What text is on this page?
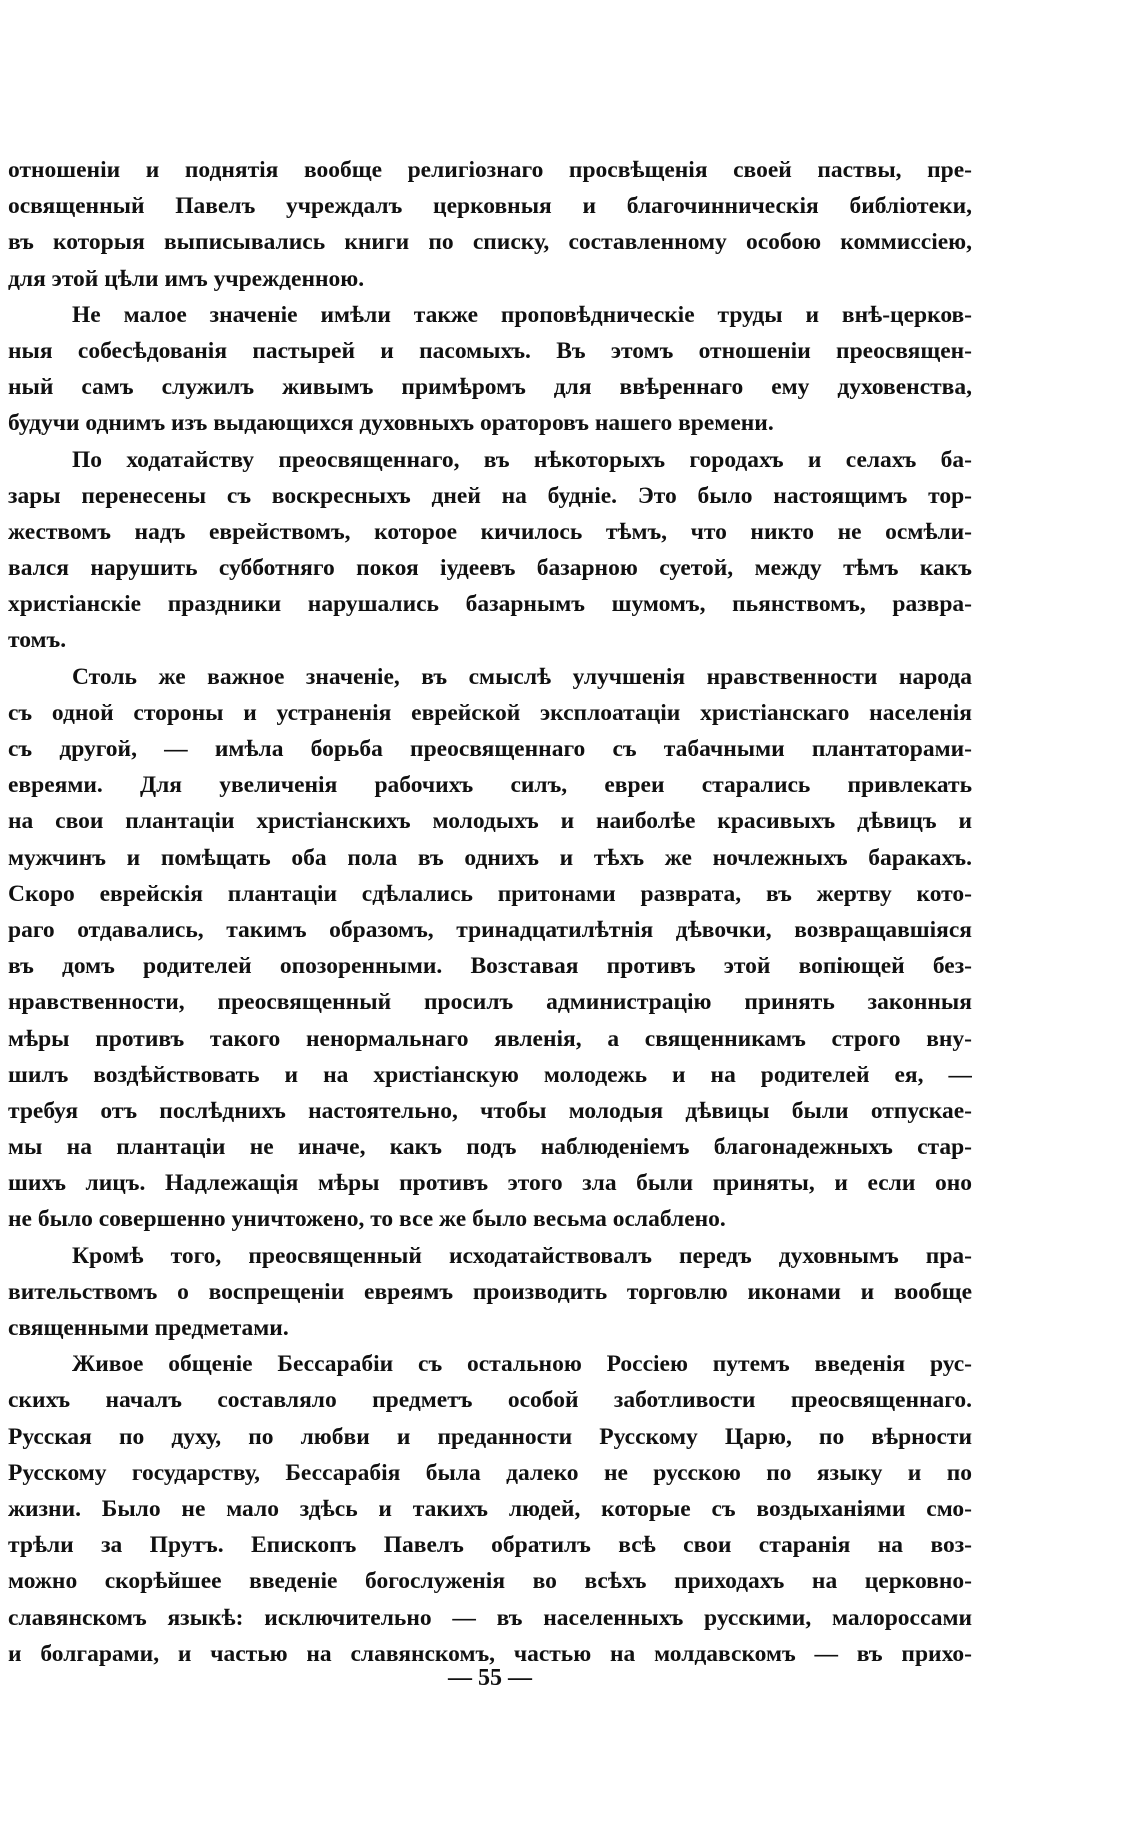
отношеніи и поднятія вообще религіознаго просвѣщенія своей паствы, пре-
освященный Павелъ учреждалъ церковныя и благочинническія библіотеки,
въ которыя выписывались книги по списку, составленному особою коммиссіею,
для этой цѣли имъ учрежденною.
Не малое значеніе имѣли также проповѣдническіе труды и внѣ-церков-
ныя собесѣдованія пастырей и пасомыхъ. Въ этомъ отношеніи преосвящен-
ный самъ служилъ живымъ примѣромъ для ввѣреннаго ему духовенства,
будучи однимъ изъ выдающихся духовныхъ ораторовъ нашего времени.
По ходатайству преосвященнаго, въ нѣкоторыхъ городахъ и селахъ ба-
зары перенесены съ воскресныхъ дней на будніе. Это было настоящимъ тор-
жествомъ надъ еврействомъ, которое кичилось тѣмъ, что никто не осмѣли-
вался нарушить субботняго покоя іудеевъ базарною суетой, между тѣмъ какъ
христіанскіе праздники нарушались базарнымъ шумомъ, пьянствомъ, развра-
томъ.
Столь же важное значеніе, въ смыслѣ улучшенія нравственности народа
съ одной стороны и устраненія еврейской эксплоатаціи христіанскаго населенія
съ другой, — имѣла борьба преосвященнаго съ табачными плантаторами-
евреями. Для увеличенія рабочихъ силъ, евреи старались привлекать
на свои плантаціи христіанскихъ молодыхъ и наиболѣе красивыхъ дѣвицъ и
мужчинъ и помѣщать оба пола въ однихъ и тѣхъ же ночлежныхъ баракахъ.
Скоро еврейскія плантаціи сдѣлались притонами разврата, въ жертву кото-
раго отдавались, такимъ образомъ, тринадцатилѣтнія дѣвочки, возвращавшіяся
въ домъ родителей опозоренными. Возставая противъ этой вопіющей без-
нравственности, преосвященный просилъ администрацію принять законныя
мѣры противъ такого ненормальнаго явленія, а священникамъ строго вну-
шилъ воздѣйствовать и на христіанскую молодежь и на родителей ея, —
требуя отъ послѣднихъ настоятельно, чтобы молодыя дѣвицы были отпускае-
мы на плантаціи не иначе, какъ подъ наблюденіемъ благонадежныхъ стар-
шихъ лицъ. Надлежащія мѣры противъ этого зла были приняты, и если оно
не было совершенно уничтожено, то все же было весьма ослаблено.
Кромѣ того, преосвященный исходатайствовалъ передъ духовнымъ пра-
вительствомъ о воспрещеніи евреямъ производить торговлю иконами и вообще
священными предметами.
Живое общеніе Бессарабіи съ остальною Россіею путемъ введенія рус-
скихъ началъ составляло предметъ особой заботливости преосвященнаго.
Русская по духу, по любви и преданности Русскому Царю, по вѣрности
Русскому государству, Бессарабія была далеко не русскою по языку и по
жизни. Было не мало здѣсь и такихъ людей, которые съ воздыханіями смо-
трѣли за Прутъ. Епископъ Павелъ обратилъ всѣ свои старанія на воз-
можно скорѣйшее введеніе богослуженія во всѣхъ приходахъ на церковно-
славянскомъ языкѣ: исключительно — въ населенныхъ русскими, малороссами
и болгарами, и частью на славянскомъ, частью на молдавскомъ — въ прихо-
— 55 —
